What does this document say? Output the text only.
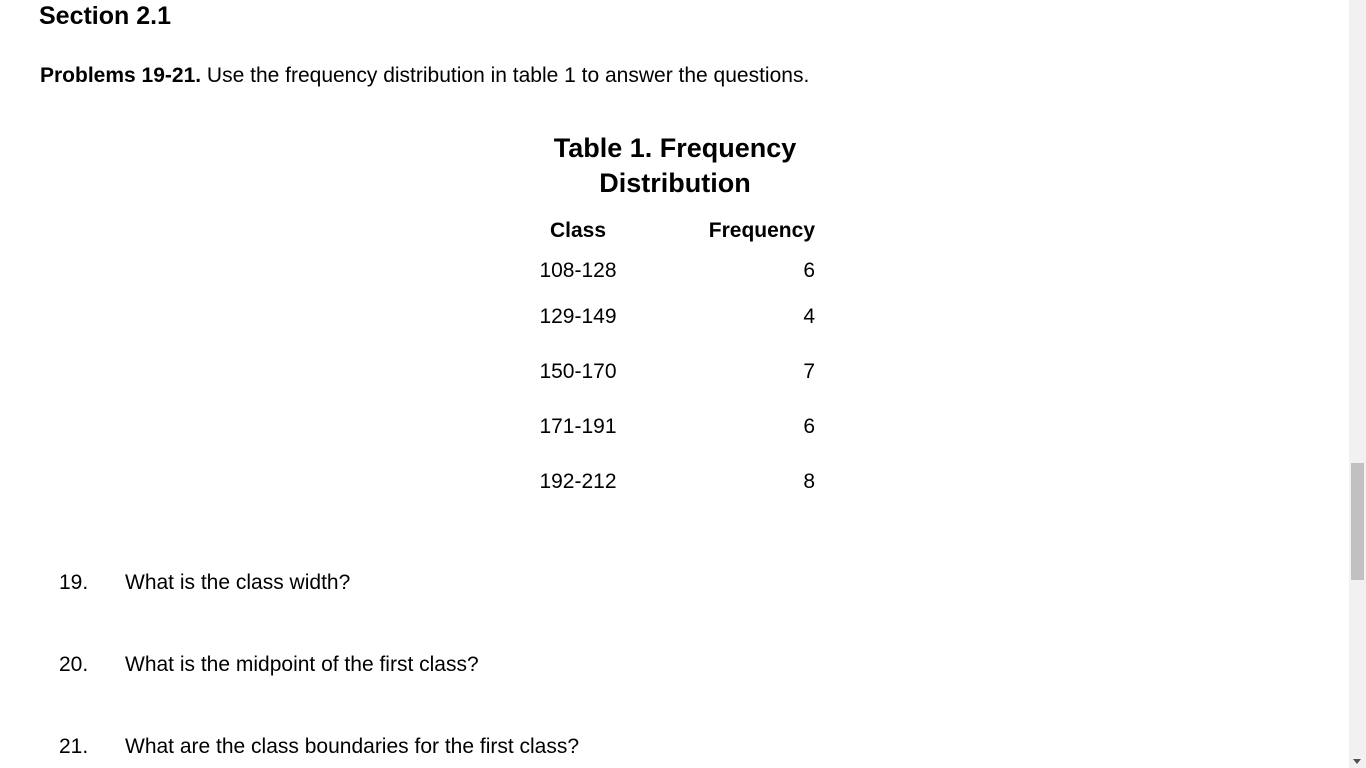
Section 2.1

Problems 19-21. Use the frequency distribution in table 1 to answer the questions.

Table 1. Frequency Distribution
Class	Frequency
108-128	6
129-149	4
150-170	7
171-191	6
192-212	8
19. What is the class width?
20. What is the midpoint of the first class?
21. What are the class boundaries for the first class?
